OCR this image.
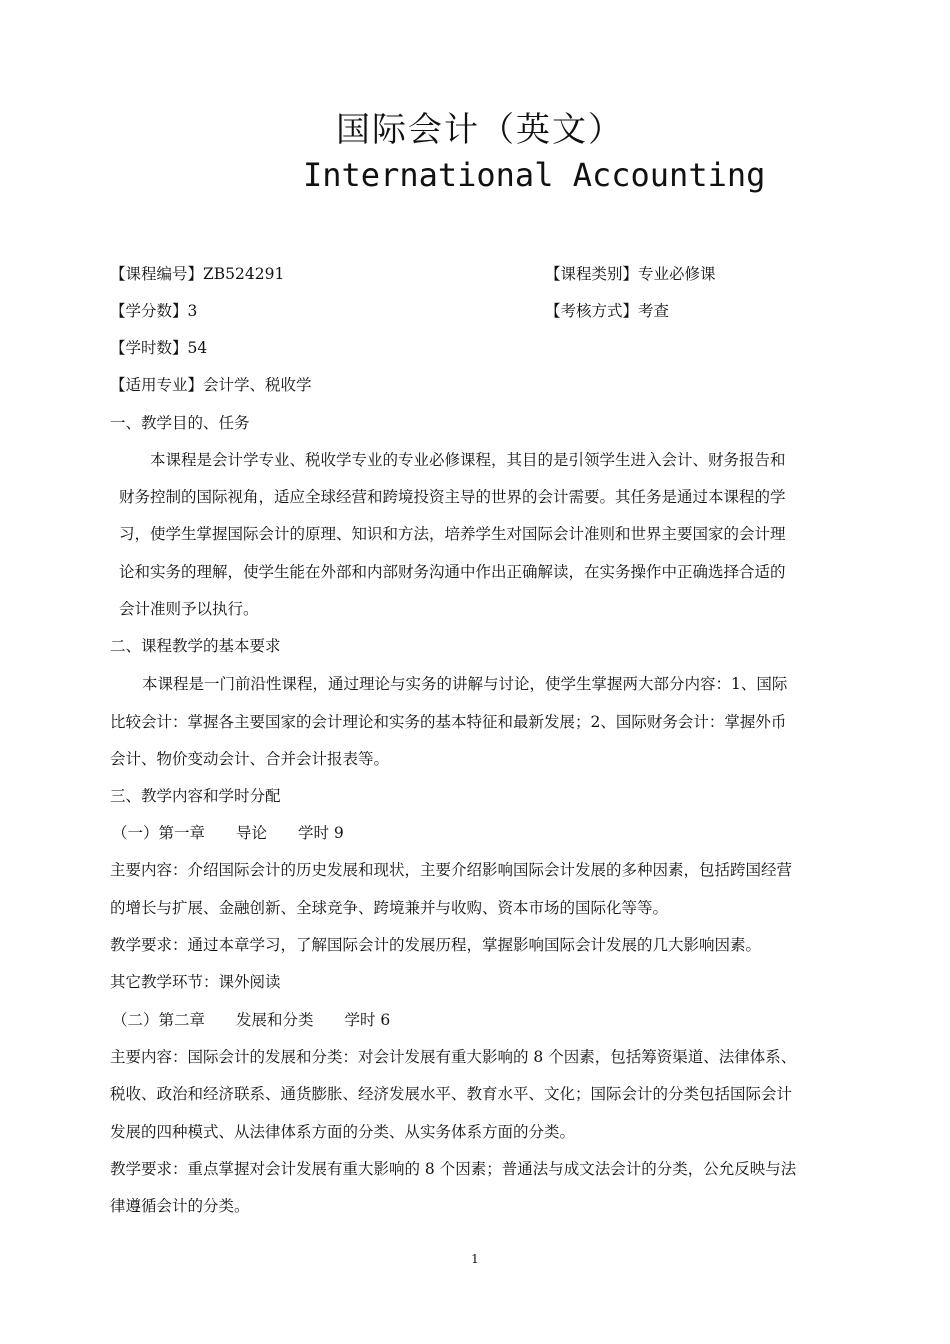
国际会计（英文）
International Accounting
【课程编号】ZB524291	【课程类别】专业必修课
【学分数】3	【考核方式】考查
【学时数】54
【适用专业】会计学、税收学
一、教学目的、任务
本课程是会计学专业、税收学专业的专业必修课程，其目的是引领学生进入会计、财务报告和
财务控制的国际视角，适应全球经营和跨境投资主导的世界的会计需要。其任务是通过本课程的学
习，使学生掌握国际会计的原理、知识和方法，培养学生对国际会计准则和世界主要国家的会计理
论和实务的理解，使学生能在外部和内部财务沟通中作出正确解读，在实务操作中正确选择合适的
会计准则予以执行。
二、课程教学的基本要求
本课程是一门前沿性课程，通过理论与实务的讲解与讨论，使学生掌握两大部分内容：1、国际
比较会计：掌握各主要国家的会计理论和实务的基本特征和最新发展；2、国际财务会计：掌握外币
会计、物价变动会计、合并会计报表等。
三、教学内容和学时分配
（一）第一章　　导论　　学时 9
主要内容：介绍国际会计的历史发展和现状，主要介绍影响国际会计发展的多种因素，包括跨国经营
的增长与扩展、金融创新、全球竞争、跨境兼并与收购、资本市场的国际化等等。
教学要求：通过本章学习，了解国际会计的发展历程，掌握影响国际会计发展的几大影响因素。
其它教学环节：课外阅读
（二）第二章　　发展和分类　　学时 6
主要内容：国际会计的发展和分类：对会计发展有重大影响的 8 个因素，包括筹资渠道、法律体系、
税收、政治和经济联系、通货膨胀、经济发展水平、教育水平、文化；国际会计的分类包括国际会计
发展的四种模式、从法律体系方面的分类、从实务体系方面的分类。
教学要求：重点掌握对会计发展有重大影响的 8 个因素；普通法与成文法会计的分类，公允反映与法
律遵循会计的分类。
1
